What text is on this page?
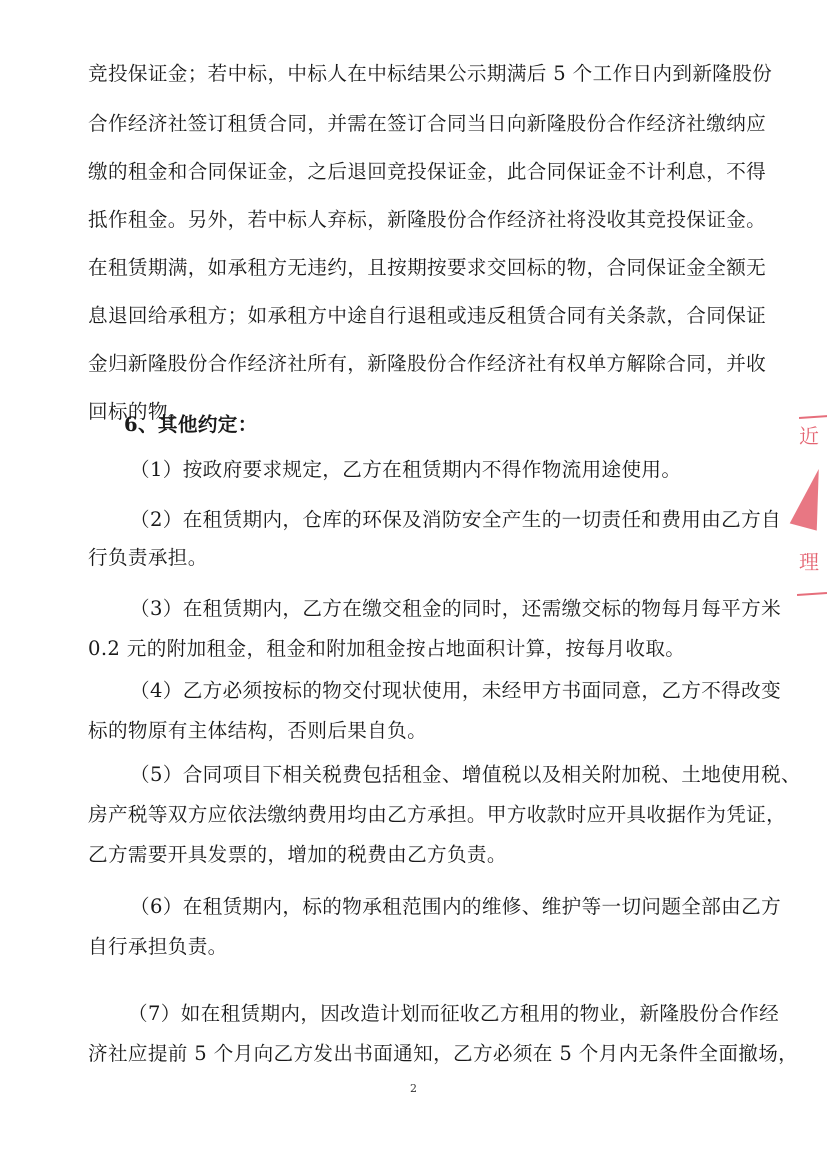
竞投保证金；若中标，中标人在中标结果公示期满后 5 个工作日内到新隆股份
合作经济社签订租赁合同，并需在签订合同当日向新隆股份合作经济社缴纳应
缴的租金和合同保证金，之后退回竞投保证金，此合同保证金不计利息，不得
抵作租金。另外，若中标人弃标，新隆股份合作经济社将没收其竞投保证金。
在租赁期满，如承租方无违约，且按期按要求交回标的物，合同保证金全额无
息退回给承租方；如承租方中途自行退租或违反租赁合同有关条款，合同保证
金归新隆股份合作经济社所有，新隆股份合作经济社有权单方解除合同，并收
回标的物。
6、其他约定：
（1）按政府要求规定，乙方在租赁期内不得作物流用途使用。
（2）在租赁期内，仓库的环保及消防安全产生的一切责任和费用由乙方自
行负责承担。
（3）在租赁期内，乙方在缴交租金的同时，还需缴交标的物每月每平方米
0.2 元的附加租金，租金和附加租金按占地面积计算，按每月收取。
（4）乙方必须按标的物交付现状使用，未经甲方书面同意，乙方不得改变
标的物原有主体结构，否则后果自负。
（5）合同项目下相关税费包括租金、增值税以及相关附加税、土地使用税、
房产税等双方应依法缴纳费用均由乙方承担。甲方收款时应开具收据作为凭证，
乙方需要开具发票的，增加的税费由乙方负责。
（6）在租赁期内，标的物承租范围内的维修、维护等一切问题全部由乙方
自行承担负责。
（7）如在租赁期内，因改造计划而征收乙方租用的物业，新隆股份合作经
济社应提前 5 个月向乙方发出书面通知，乙方必须在 5 个月内无条件全面撤场，
2
近
理
